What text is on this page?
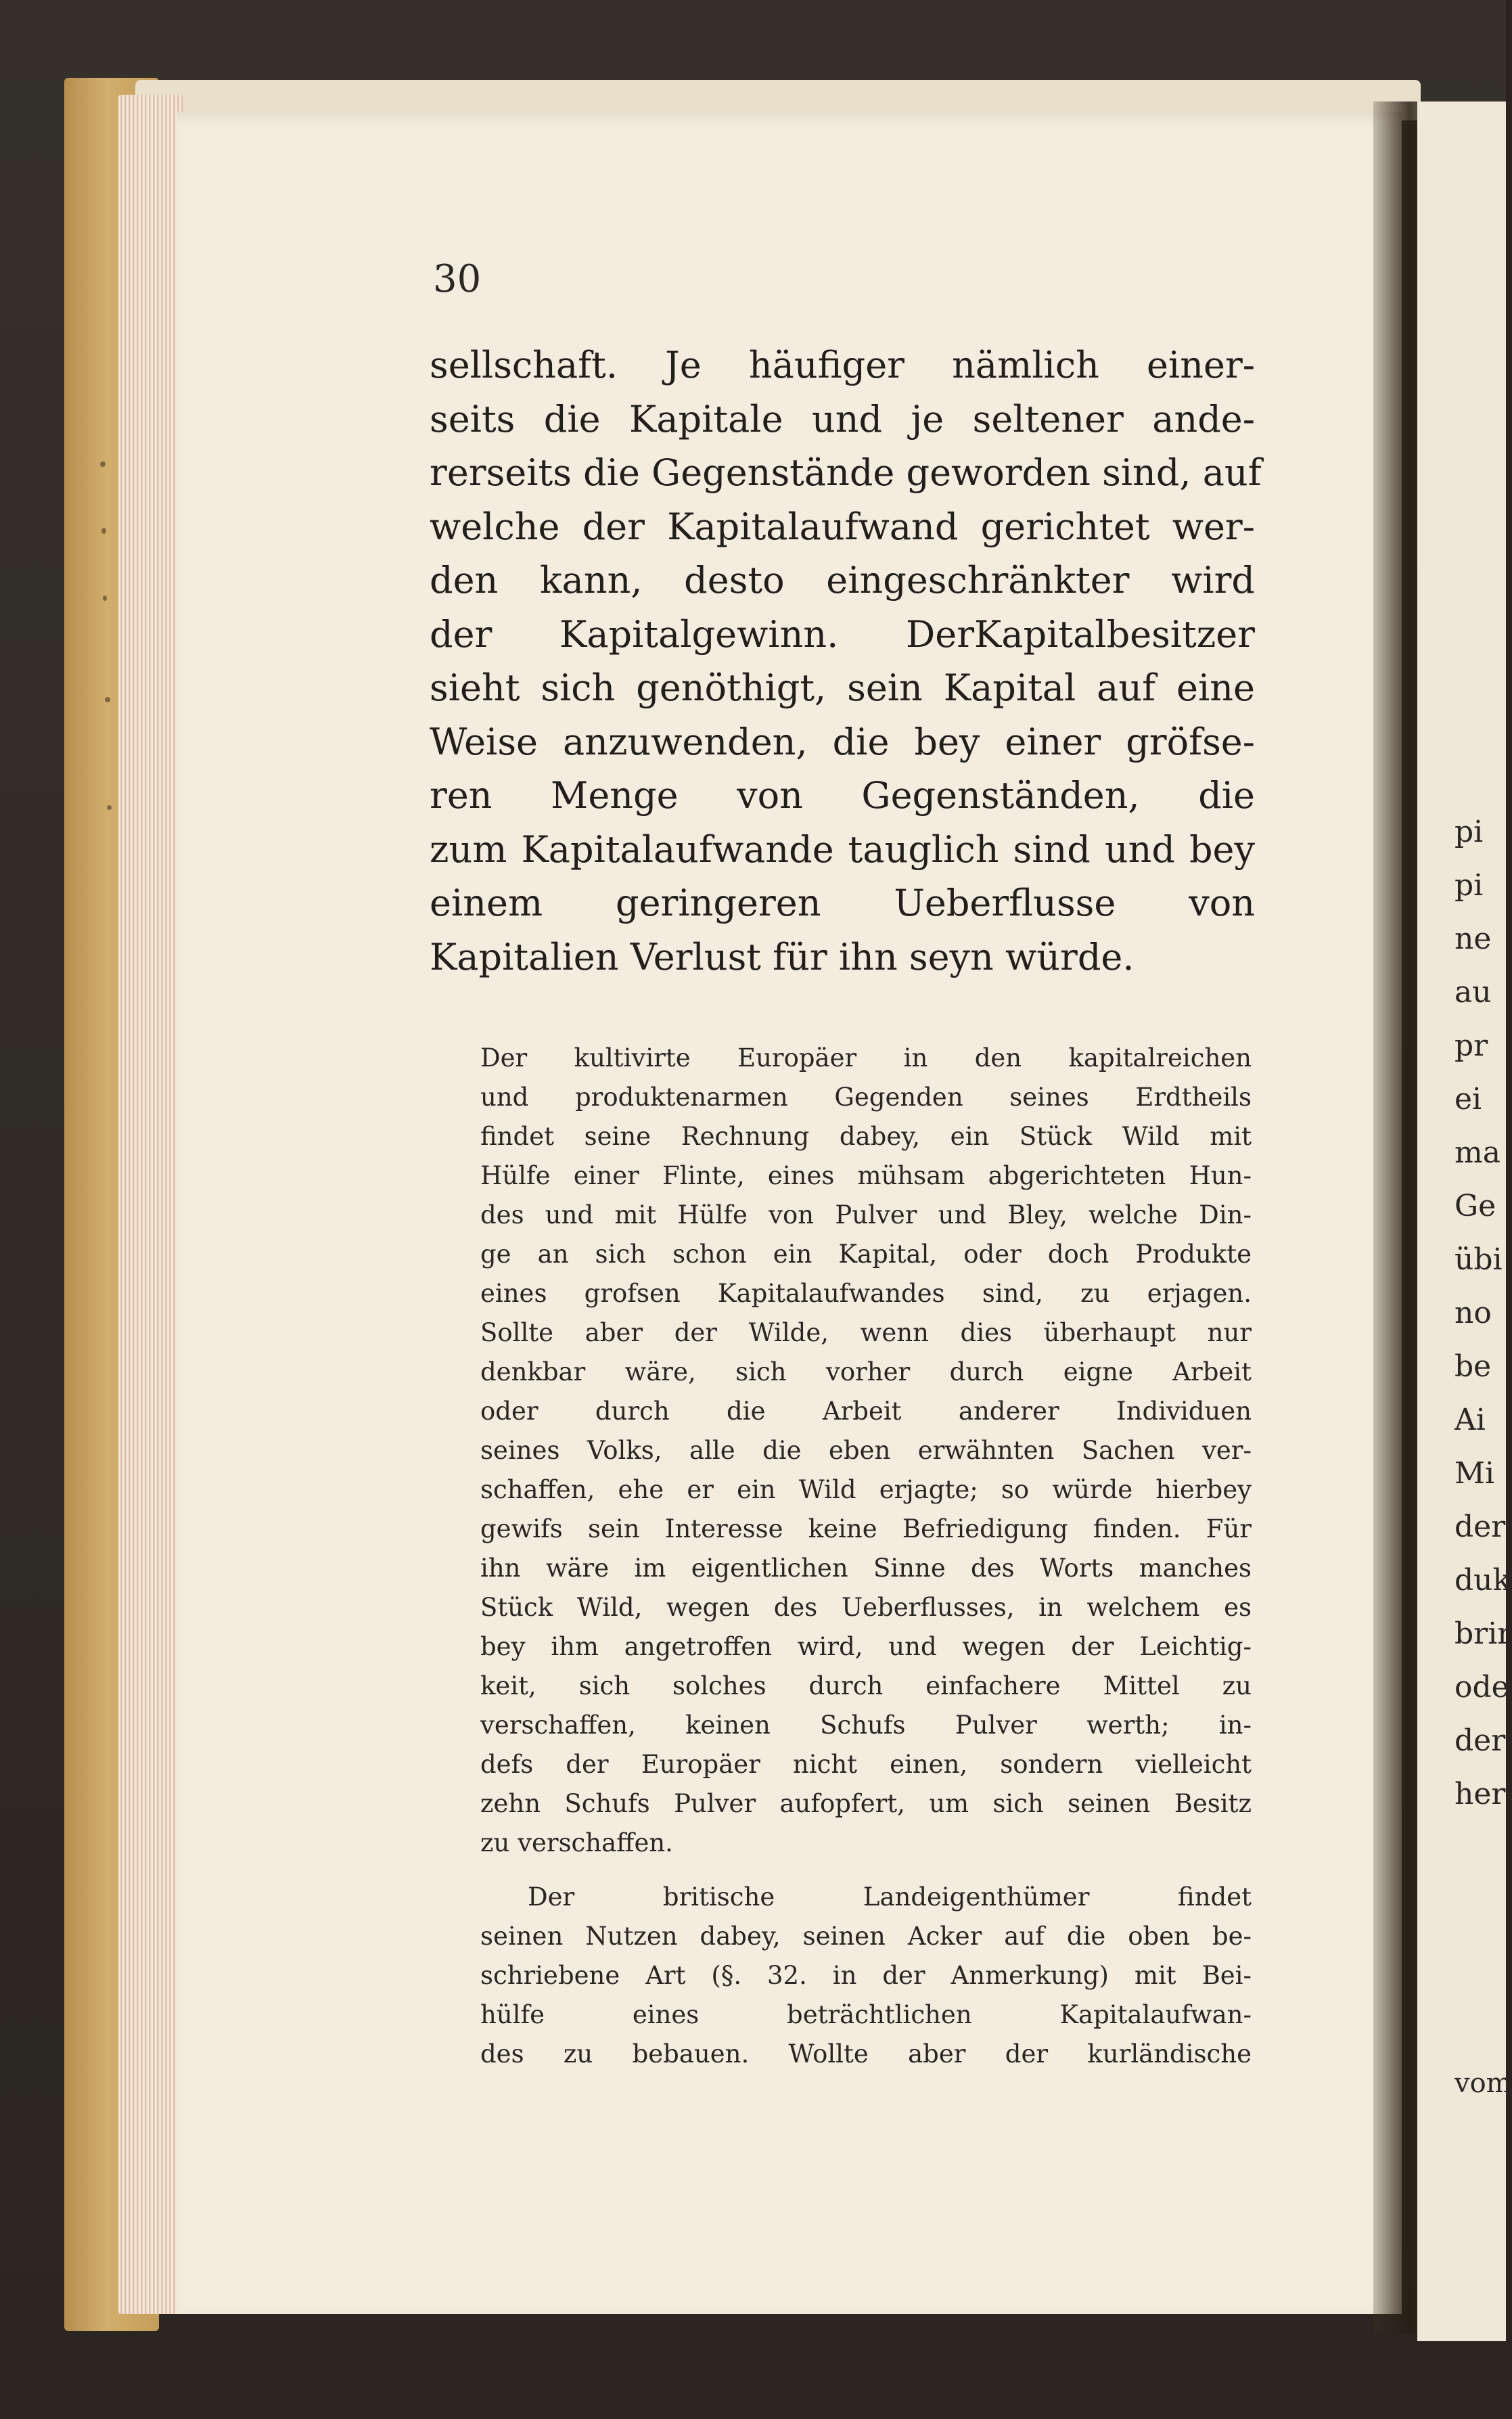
30
sellschaft. Je häufiger nämlich einer-
seits die Kapitale und je seltener ande-
rerseits die Gegenstände geworden sind, auf
welche der Kapitalaufwand gerichtet wer-
den kann, desto eingeschränkter wird
der Kapitalgewinn. DerKapitalbesitzer
sieht sich genöthigt, sein Kapital auf eine
Weise anzuwenden, die bey einer gröfse-
ren Menge von Gegenständen, die
zum Kapitalaufwande tauglich sind und bey
einem geringeren Ueberflusse von
Kapitalien Verlust für ihn seyn würde.
Der kultivirte Europäer in den kapitalreichen
und produktenarmen Gegenden seines Erdtheils
findet seine Rechnung dabey, ein Stück Wild mit
Hülfe einer Flinte, eines mühsam abgerichteten Hun-
des und mit Hülfe von Pulver und Bley, welche Din-
ge an sich schon ein Kapital, oder doch Produkte
eines grofsen Kapitalaufwandes sind, zu erjagen.
Sollte aber der Wilde, wenn dies überhaupt nur
denkbar wäre, sich vorher durch eigne Arbeit
oder durch die Arbeit anderer Individuen
seines Volks, alle die eben erwähnten Sachen ver-
schaffen, ehe er ein Wild erjagte; so würde hierbey
gewifs sein Interesse keine Befriedigung finden. Für
ihn wäre im eigentlichen Sinne des Worts manches
Stück Wild, wegen des Ueberflusses, in welchem es
bey ihm angetroffen wird, und wegen der Leichtig-
keit, sich solches durch einfachere Mittel zu
verschaffen, keinen Schufs Pulver werth; in-
defs der Europäer nicht einen, sondern vielleicht
zehn Schufs Pulver aufopfert, um sich seinen Besitz
zu verschaffen.
Der britische Landeigenthümer findet
seinen Nutzen dabey, seinen Acker auf die oben be-
schriebene Art (§. 32. in der Anmerkung) mit Bei-
hülfe eines beträchtlichen Kapitalaufwan-
des zu bebauen. Wollte aber der kurländische
pi
pi
ne
au
pr
ei
ma
Ge
übi
no
be
Ai
Mi
der
duk
brir
ode
der
her
vom
